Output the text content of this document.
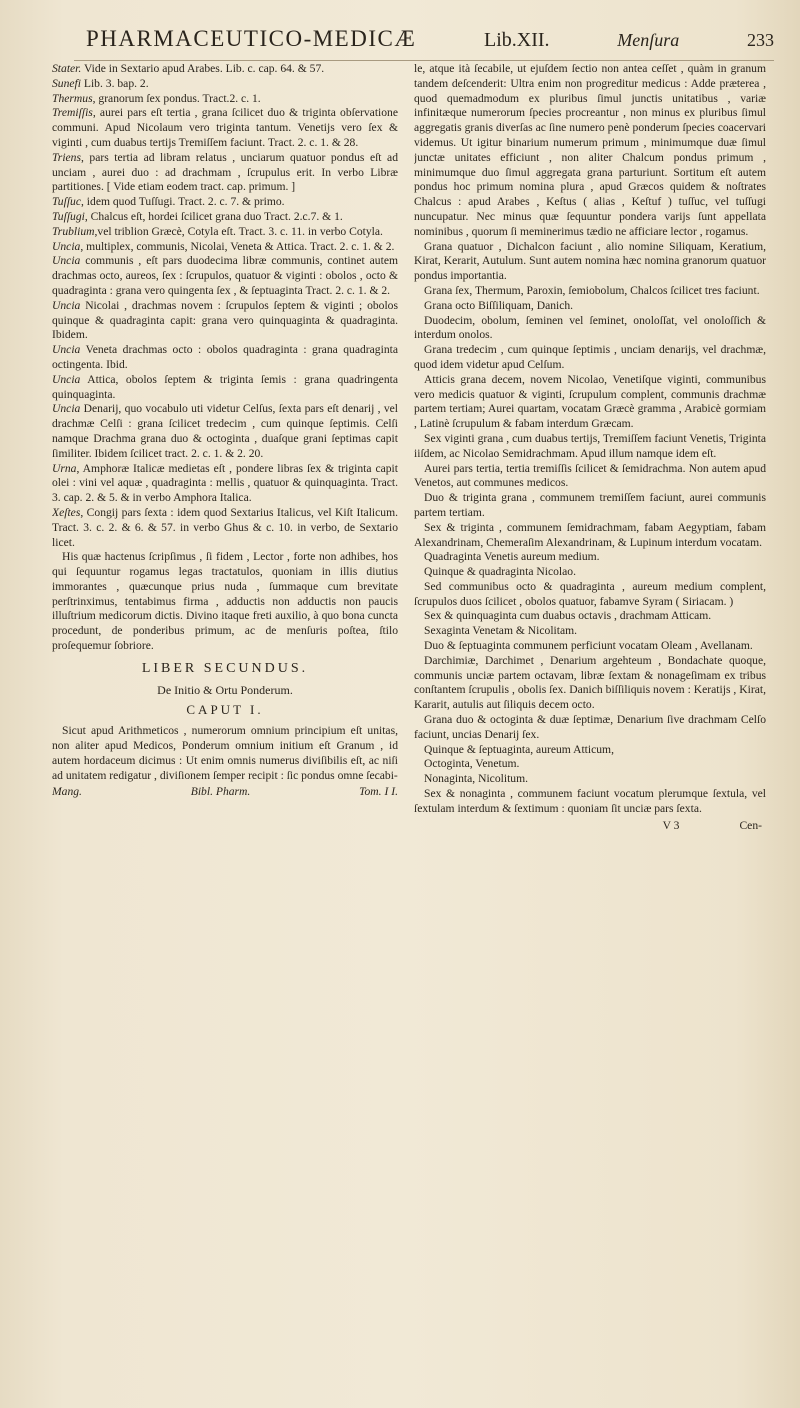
PHARMACEUTICO-MEDICÆ	Lib.XII.	Menſura	233

Stater. Vide in Sextario apud Arabes. Lib. c. cap. 64. & 57.

Sunefi Lib. 3. bap. 2.

Thermus, granorum ſex pondus. Tract.2. c. 1.

Tremiſſis, aurei pars eſt tertia , grana ſcilicet duo & triginta obſervatione communi. Apud Nicolaum vero triginta tantum. Venetijs vero ſex & viginti , cum duabus tertijs Tremiſſem faciunt. Tract. 2. c. 1. & 28.

Triens, pars tertia ad libram relatus , unciarum quatuor pondus eſt ad unciam , aurei duo : ad drachmam , ſcrupulus erit. In verbo Libræ partitiones. [ Vide etiam eodem tract. cap. primum. ]

Tuſſuc, idem quod Tuſſugi. Tract. 2. c. 7. & primo.

Tuſſugi, Chalcus eſt, hordei ſcilicet grana duo Tract. 2.c.7. & 1.

Trublium,vel triblion Græcè, Cotyla eſt. Tract. 3. c. 11. in verbo Cotyla.

Uncia, multiplex, communis, Nicolai, Veneta & Attica. Tract. 2. c. 1. & 2.

Uncia communis , eſt pars duodecima libræ communis, continet autem drachmas octo, aureos, ſex : ſcrupulos, quatuor & viginti : obolos , octo & quadraginta : grana vero quingenta ſex , & ſeptuaginta Tract. 2. c. 1. & 2.

Uncia Nicolai , drachmas novem : ſcrupulos ſeptem & viginti ; obolos quinque & quadraginta capit: grana vero quinquaginta & quadraginta. Ibidem.

Uncia Veneta drachmas octo : obolos quadraginta : grana quadraginta octingenta. Ibid.

Uncia Attica, obolos ſeptem & triginta ſemis : grana quadringenta quinquaginta.

Uncia Denarij, quo vocabulo uti videtur Celſus, ſexta pars eſt denarij , vel drachmæ Celſi : grana ſcilicet tredecim , cum quinque ſeptimis. Celſi namque Drachma grana duo & octoginta , duaſque grani ſeptimas capit ſimiliter. Ibidem ſcilicet tract. 2. c. 1. & 2. 20.

Urna, Amphoræ Italicæ medietas eſt , pondere libras ſex & triginta capit olei : vini vel aquæ , quadraginta : mellis , quatuor & quinquaginta. Tract. 3. cap. 2. & 5. & in verbo Amphora Italica.

Xeſtes, Congij pars ſexta : idem quod Sextarius Italicus, vel Kiſt Italicum. Tract. 3. c. 2. & 6. & 57. in verbo Ghus & c. 10. in verbo, de Sextario licet.

His quæ hactenus ſcripſimus , ſi fidem , Lector , forte non adhibes, hos qui ſequuntur rogamus legas tractatulos, quoniam in illis diutius immorantes , quæcunque prius nuda , ſummaque cum brevitate perſtrinximus, tentabimus firma , adductis non adductis non paucis illuſtrium medicorum dictis. Divino itaque freti auxilio, à quo bona cuncta procedunt, de ponderibus primum, ac de menſuris poſtea, ſtilo proſequemur ſobriore.

LIBER SECUNDUS.
De Initio & Ortu Ponderum.
CAPUT I.

Sicut apud Arithmeticos , numerorum omnium principium eſt unitas, non aliter apud Medicos, Ponderum omnium initium eſt Granum , id autem hordaceum dicimus : Ut enim omnis numerus diviſibilis eſt, ac niſi ad unitatem redigatur , diviſionem ſemper recipit : ſic pondus omne ſecabi-

Mang.	Bibl. Pharm.	Tom. I I.

le, atque ità ſecabile, ut ejuſdem ſectio non antea ceſſet , quàm in granum tandem deſcenderit: Ultra enim non progreditur medicus : Adde præterea , quod quemadmodum ex pluribus ſimul junctis unitatibus , variæ infinitæque numerorum ſpecies procreantur , non minus ex pluribus ſimul aggregatis granis diverſas ac ſine numero penè ponderum ſpecies coacervari videmus. Ut igitur binarium numerum primum , minimumque duæ ſimul junctæ unitates efficiunt , non aliter Chalcum pondus primum , minimumque duo ſimul aggregata grana parturiunt. Sortitum eſt autem pondus hoc primum nomina plura , apud Græcos quidem & noſtrates Chalcus : apud Arabes , Keſtus ( alias , Keſtuf ) tuſſuc, vel tuſſugi nuncupatur. Nec minus quæ ſequuntur pondera varijs ſunt appellata nominibus , quorum ſi meminerimus tædio ne afficiare lector , rogamus.

Grana quatuor , Dichalcon faciunt , alio nomine Siliquam, Keratium, Kirat, Kerarit, Autulum. Sunt autem nomina hæc nomina granorum quatuor pondus importantia.

Grana ſex, Thermum, Paroxin, ſemiobolum, Chalcos ſcilicet tres faciunt.

Grana octo Biſſiliquam, Danich.

Duodecim, obolum, ſeminen vel ſeminet, onoloſſat, vel onoloſſich & interdum onolos.

Grana tredecim , cum quinque ſeptimis , unciam denarijs, vel drachmæ, quod idem videtur apud Celſum.

Atticis grana decem, novem Nicolao, Venetiſque viginti, communibus vero medicis quatuor & viginti, ſcrupulum complent, communis drachmæ partem tertiam; Aurei quartam, vocatam Græcè gramma , Arabicè gormiam , Latinè ſcrupulum & fabam interdum Græcam.

Sex viginti grana , cum duabus tertijs, Tremiſſem faciunt Venetis, Triginta iiſdem, ac Nicolao Semidrachmam. Apud illum namque idem eſt.

Aurei pars tertia, tertia tremiſſis ſcilicet & ſemidrachma. Non autem apud Venetos, aut communes medicos.

Duo & triginta grana , communem tremiſſem faciunt, aurei communis partem tertiam.

Sex & triginta , communem ſemidrachmam, fabam Aegyptiam, fabam Alexandrinam, Chemeraſim Alexandrinam, & Lupinum interdum vocatam.

Quadraginta Venetis aureum medium.

Quinque & quadraginta Nicolao.

Sed communibus octo & quadraginta , aureum medium complent, ſcrupulos duos ſcilicet , obolos quatuor, fabamve Syram ( Siriacam. )

Sex & quinquaginta cum duabus octavis , drachmam Atticam.

Sexaginta Venetam & Nicolitam.

Duo & ſeptuaginta communem perficiunt vocatam Oleam , Avellanam.

Darchimiæ, Darchimet , Denarium argehteum , Bondachate quoque, communis unciæ partem octavam, libræ ſextam & nonageſimam ex tribus conſtantem ſcrupulis , obolis ſex. Danich biſſiliquis novem : Keratijs , Kirat, Kararit, autulis aut ſiliquis decem octo.

Grana duo & octoginta & duæ ſeptimæ, Denarium ſive drachmam Celſo faciunt, uncias Denarij ſex.

Quinque & ſeptuaginta, aureum Atticum,

Octoginta, Venetum.

Nonaginta, Nicolitum.

Sex & nonaginta , communem faciunt vocatum plerumque ſextula, vel ſextulam interdum & ſextimum : quoniam ſit unciæ pars ſexta.

V 3	Cen-
